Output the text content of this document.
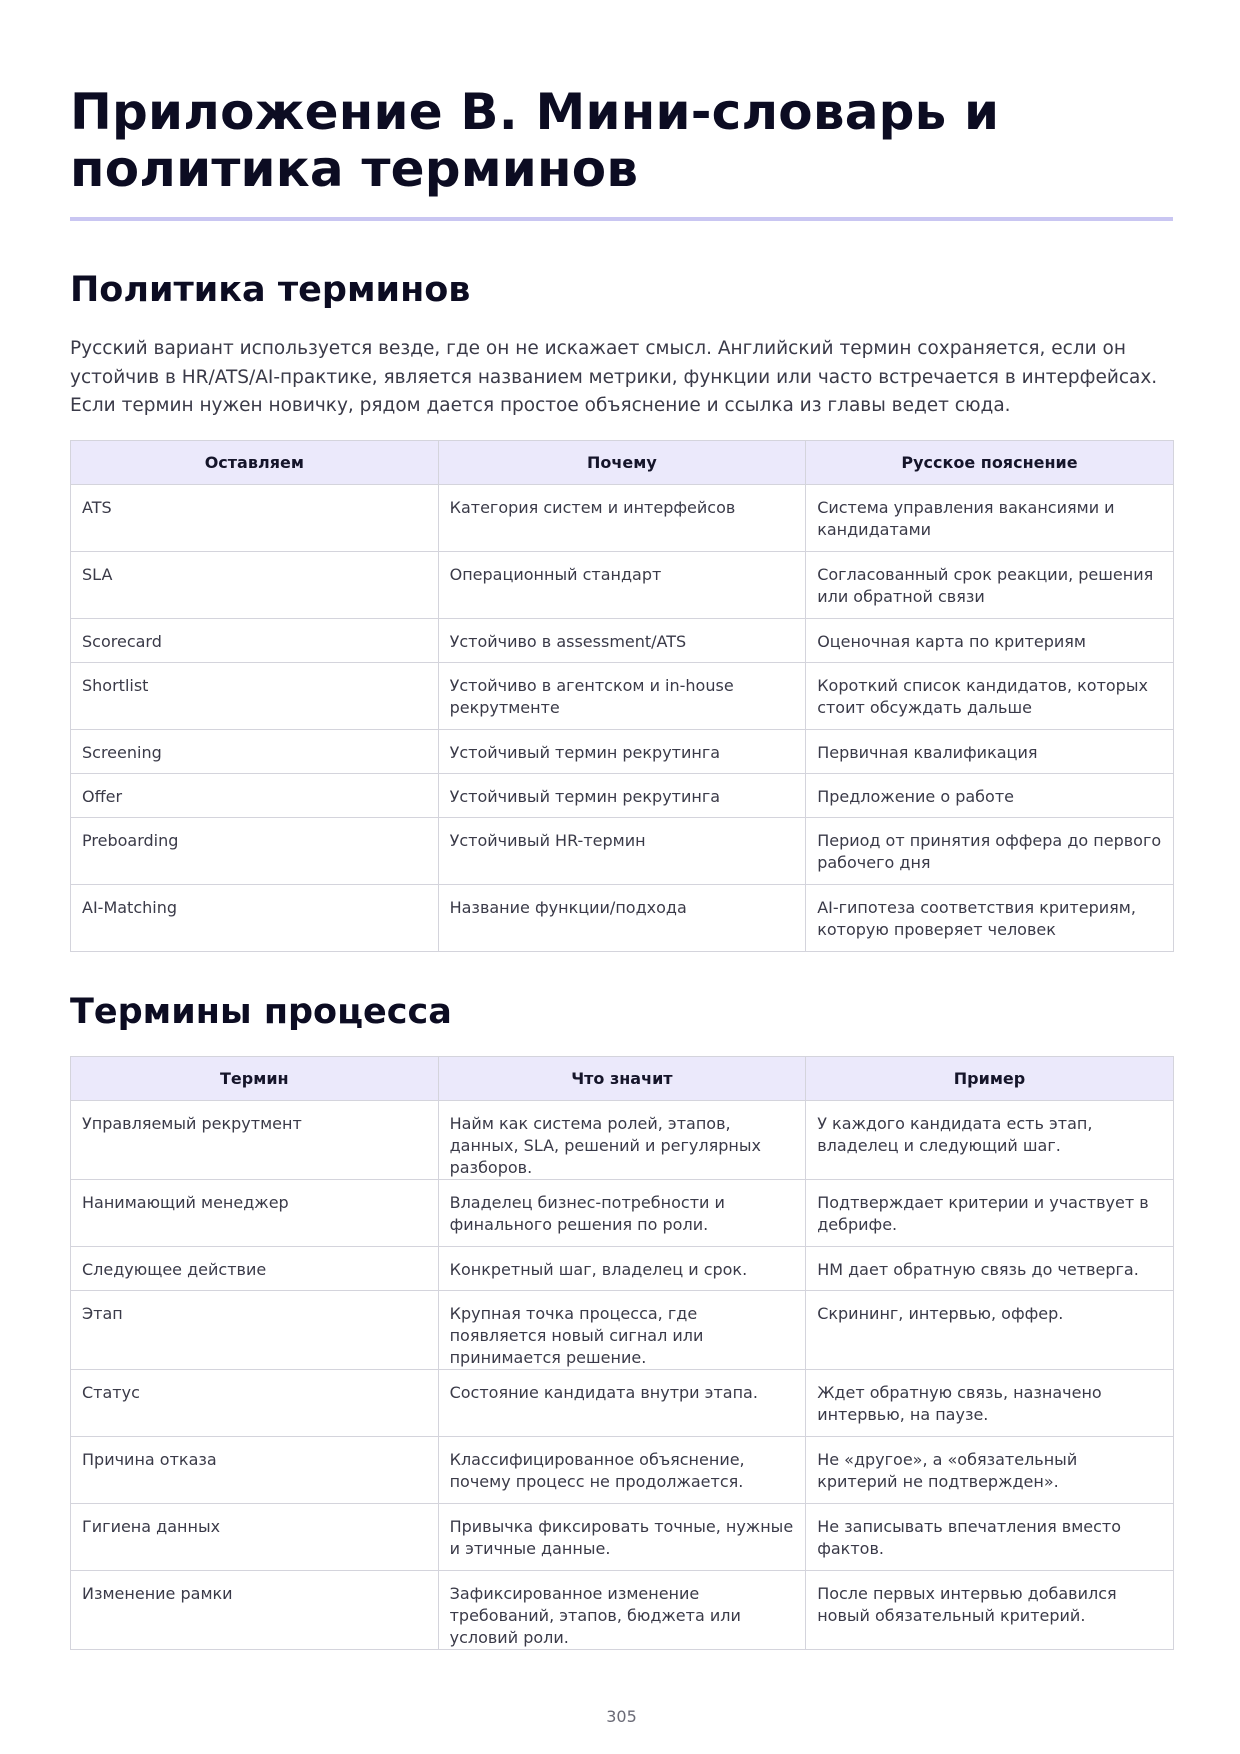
Приложение В. Мини-словарь и политика терминов
Политика терминов

Русский вариант используется везде, где он не искажает смысл. Английский термин сохраняется, если он устойчив в HR/ATS/AI-практике, является названием метрики, функции или часто встречается в интерфейсах. Если термин нужен новичку, рядом дается простое объяснение и ссылка из главы ведет сюда.

Оставляем	Почему	Русское пояснение
ATS	Категория систем и интерфейсов	Система управления вакансиями и кандидатами
SLA	Операционный стандарт	Согласованный срок реакции, решения или обратной связи
Scorecard	Устойчиво в assessment/ATS	Оценочная карта по критериям
Shortlist	Устойчиво в агентском и in-house рекрутменте	Короткий список кандидатов, которых стоит обсуждать дальше
Screening	Устойчивый термин рекрутинга	Первичная квалификация
Offer	Устойчивый термин рекрутинга	Предложение о работе
Preboarding	Устойчивый HR-термин	Период от принятия оффера до первого рабочего дня
AI-Matching	Название функции/подхода	AI-гипотеза соответствия критериям, которую проверяет человек
Термины процесса
Термин	Что значит	Пример
Управляемый рекрутмент	Найм как система ролей, этапов, данных, SLA, решений и регулярных разборов.	У каждого кандидата есть этап, владелец и следующий шаг.
Нанимающий менеджер	Владелец бизнес-потребности и финального решения по роли.	Подтверждает критерии и участвует в дебрифе.
Следующее действие	Конкретный шаг, владелец и срок.	HM дает обратную связь до четверга.
Этап	Крупная точка процесса, где появляется новый сигнал или принимается решение.	Скрининг, интервью, оффер.
Статус	Состояние кандидата внутри этапа.	Ждет обратную связь, назначено интервью, на паузе.
Причина отказа	Классифицированное объяснение, почему процесс не продолжается.	Не «другое», а «обязательный критерий не подтвержден».
Гигиена данных	Привычка фиксировать точные, нужные и этичные данные.	Не записывать впечатления вместо фактов.
Изменение рамки	Зафиксированное изменение требований, этапов, бюджета или условий роли.	После первых интервью добавился новый обязательный критерий.
305
